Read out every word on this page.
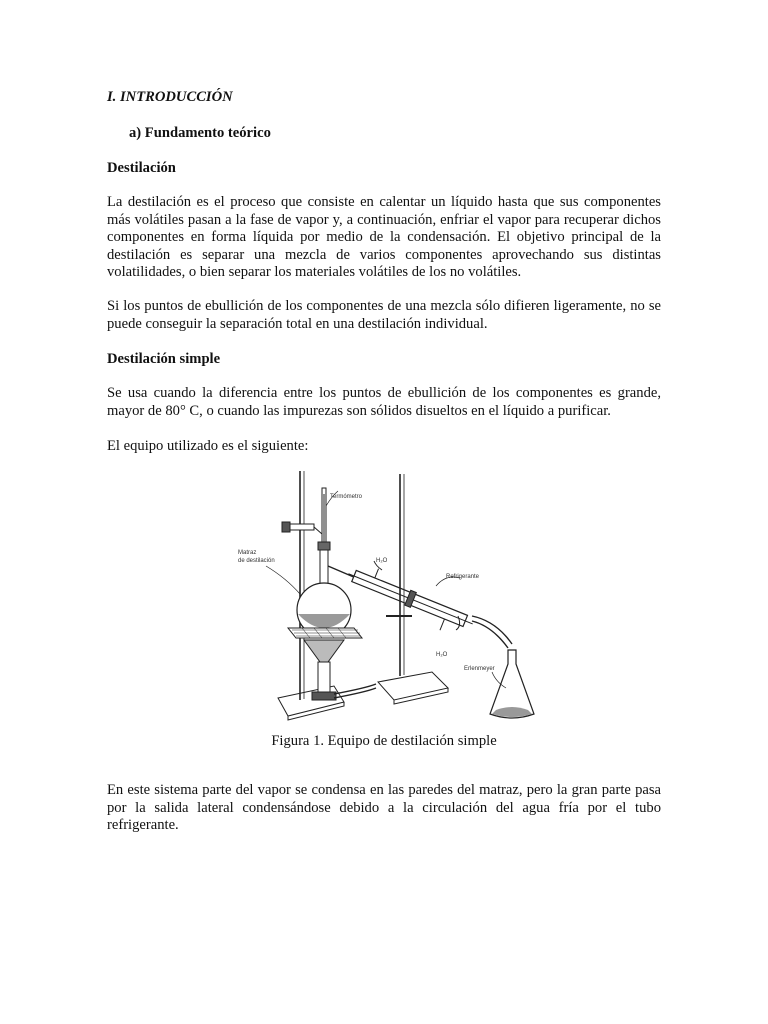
I. INTRODUCCIÓN

a) Fundamento teórico

Destilación

La destilación es el proceso que consiste en calentar un líquido hasta que sus componentes más volátiles pasan a la fase de vapor y, a continuación, enfriar el vapor para recuperar dichos componentes en forma líquida por medio de la condensación. El objetivo principal de la destilación es separar una mezcla de varios componentes aprovechando sus distintas volatilidades, o bien separar los materiales volátiles de los no volátiles.

Si los puntos de ebullición de los componentes de una mezcla sólo difieren ligeramente, no se puede conseguir la separación total en una destilación individual.

Destilación simple

Se usa cuando la diferencia entre los puntos de ebullición de los componentes es grande, mayor de 80° C, o cuando las impurezas son sólidos disueltos en el líquido a purificar.

El equipo utilizado es el siguiente:

Termómetro
Matraz
de destilación	H₂O
Refrigerante
H₂O
Erlenmeyer
Figura 1. Equipo de destilación simple

En este sistema parte del vapor se condensa en las paredes del matraz, pero la gran parte pasa por la salida lateral condensándose debido a la circulación del agua fría por el tubo refrigerante.
